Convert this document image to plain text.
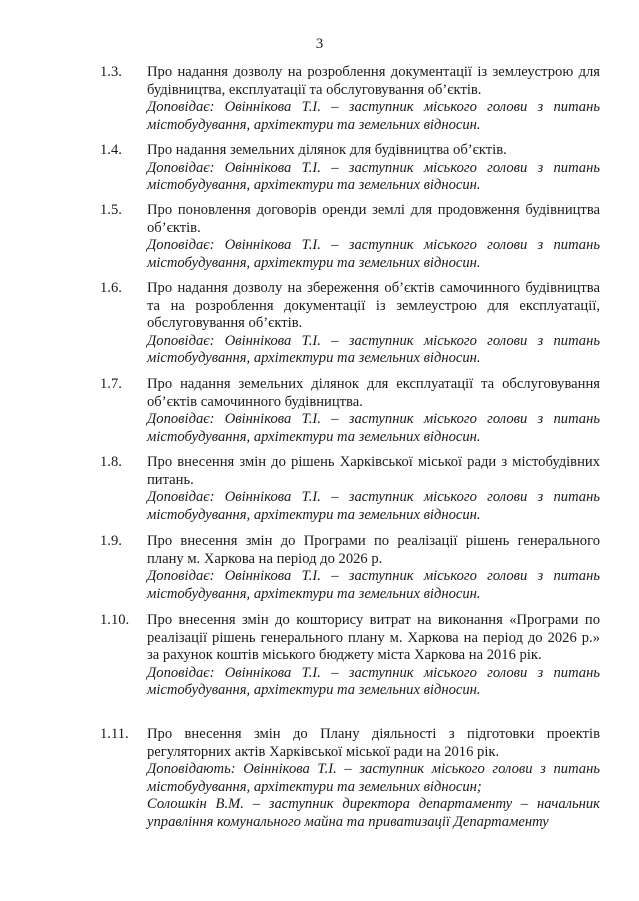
3
1.3.	Про надання дозволу на розроблення документації із землеустрою для будівництва, експлуатації та обслуговування об’єктів.
Доповідає: Овіннікова Т.І. – заступник міського голови з питань містобудування, архітектури та земельних відносин.
1.4.	Про надання земельних ділянок для будівництва об’єктів.
Доповідає: Овіннікова Т.І. – заступник міського голови з питань містобудування, архітектури та земельних відносин.
1.5.	Про поновлення договорів оренди землі для продовження будівництва об’єктів.
Доповідає: Овіннікова Т.І. – заступник міського голови з питань містобудування, архітектури та земельних відносин.
1.6.	Про надання дозволу на збереження об’єктів самочинного будівництва та на розроблення документації із землеустрою для експлуатації, обслуговування об’єктів.
Доповідає: Овіннікова Т.І. – заступник міського голови з питань містобудування, архітектури та земельних відносин.
1.7.	Про надання земельних ділянок для експлуатації та обслуговування об’єктів самочинного будівництва.
Доповідає: Овіннікова Т.І. – заступник міського голови з питань містобудування, архітектури та земельних відносин.
1.8.	Про внесення змін до рішень Харківської міської ради з містобудівних питань.
Доповідає: Овіннікова Т.І. – заступник міського голови з питань містобудування, архітектури та земельних відносин.
1.9.	Про внесення змін до Програми по реалізації рішень генерального плану м. Харкова на період до 2026 р.
Доповідає: Овіннікова Т.І. – заступник міського голови з питань містобудування, архітектури та земельних відносин.
1.10.	Про внесення змін до кошторису витрат на виконання «Програми по реалізації рішень генерального плану м. Харкова на період до 2026 р.» за рахунок коштів міського бюджету міста Харкова на 2016 рік.
Доповідає: Овіннікова Т.І. – заступник міського голови з питань містобудування, архітектури та земельних відносин.
1.11.	Про внесення змін до Плану діяльності з підготовки проектів регуляторних актів Харківської міської ради на 2016 рік.
Доповідають: Овіннікова Т.І. – заступник міського голови з питань містобудування, архітектури та земельних відносин;
Солошкін В.М. – заступник директора департаменту – начальник управління комунального майна та приватизації Департаменту
